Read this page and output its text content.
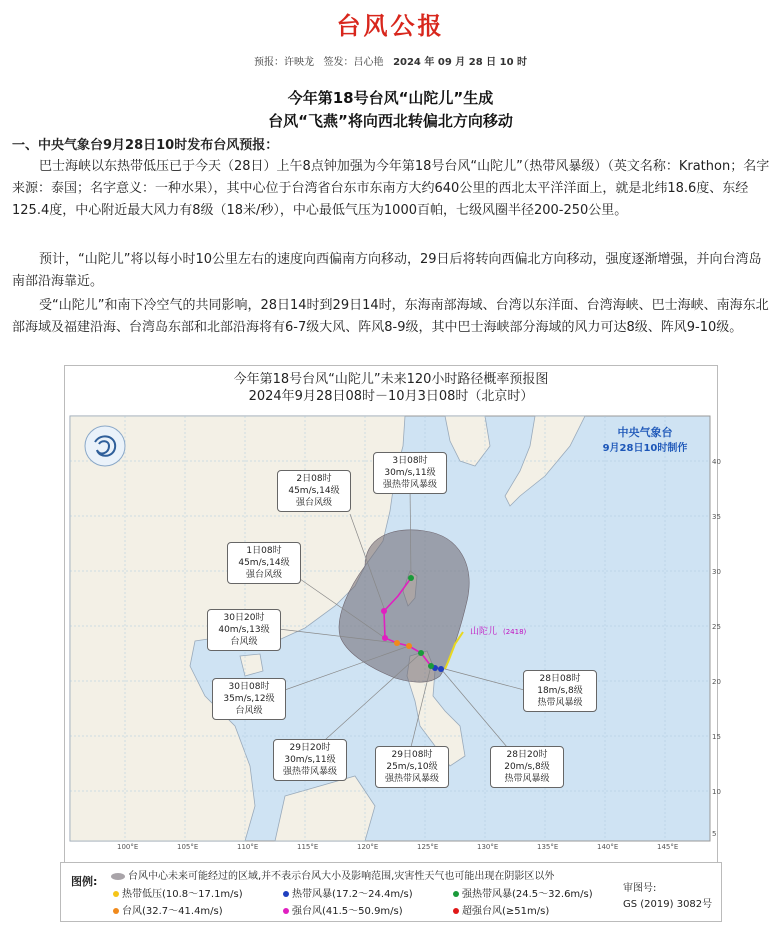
台风公报
预报：许映龙 签发：吕心艳 2024 年 09 月 28 日 10 时
今年第18号台风“山陀儿”生成
台风“飞燕”将向西北转偏北方向移动
一、中央气象台9月28日10时发布台风预报：
巴士海峡以东热带低压已于今天（28日）上午8点钟加强为今年第18号台风“山陀儿”（热带风暴级）（英文名称：Krathon；名字来源：泰国；名字意义：一种水果），其中心位于台湾省台东市东南方大约640公里的西北太平洋洋面上，就是北纬18.6度、东经125.4度，中心附近最大风力有8级（18米/秒），中心最低气压为1000百帕，七级风圈半径200-250公里。
预计，“山陀儿”将以每小时10公里左右的速度向西偏南方向移动，29日后将转向西偏北方向移动，强度逐渐增强，并向台湾岛南部沿海靠近。
受“山陀儿”和南下冷空气的共同影响，28日14时到29日14时，东海南部海域、台湾以东洋面、台湾海峡、巴士海峡、南海东北部海域及福建沿海、台湾岛东部和北部沿海将有6-7级大风、阵风8-9级，其中巴士海峡部分海域的风力可达8级、阵风9-10级。
今年第18号台风“山陀儿”未来120小时路径概率预报图
2024年9月28日08时－10月3日08时（北京时）
100°E	105°E	110°E	115°E	120°E	125°E	130°E	135°E	140°E	145°E
40
35
30
25
20
15
10
5
中央气象台
9月28日10时制作
山陀儿 (2418)
3日08时
30m/s,11级
强热带风暴级
2日08时
45m/s,14级
强台风级
1日08时
45m/s,14级
强台风级
30日20时
40m/s,13级
台风级
30日08时
35m/s,12级
台风级
29日20时
30m/s,11级
强热带风暴级
29日08时
25m/s,10级
强热带风暴级
28日20时
20m/s,8级
热带风暴级
28日08时
18m/s,8级
热带风暴级
图例:	台风中心未来可能经过的区域,并不表示台风大小及影响范围,灾害性天气也可能出现在阴影区以外
热带低压(10.8～17.1m/s)	热带风暴(17.2～24.4m/s)	强热带风暴(24.5～32.6m/s)
台风(32.7～41.4m/s)	强台风(41.5～50.9m/s)	超强台风(≥51m/s)
审图号:
GS (2019) 3082号
